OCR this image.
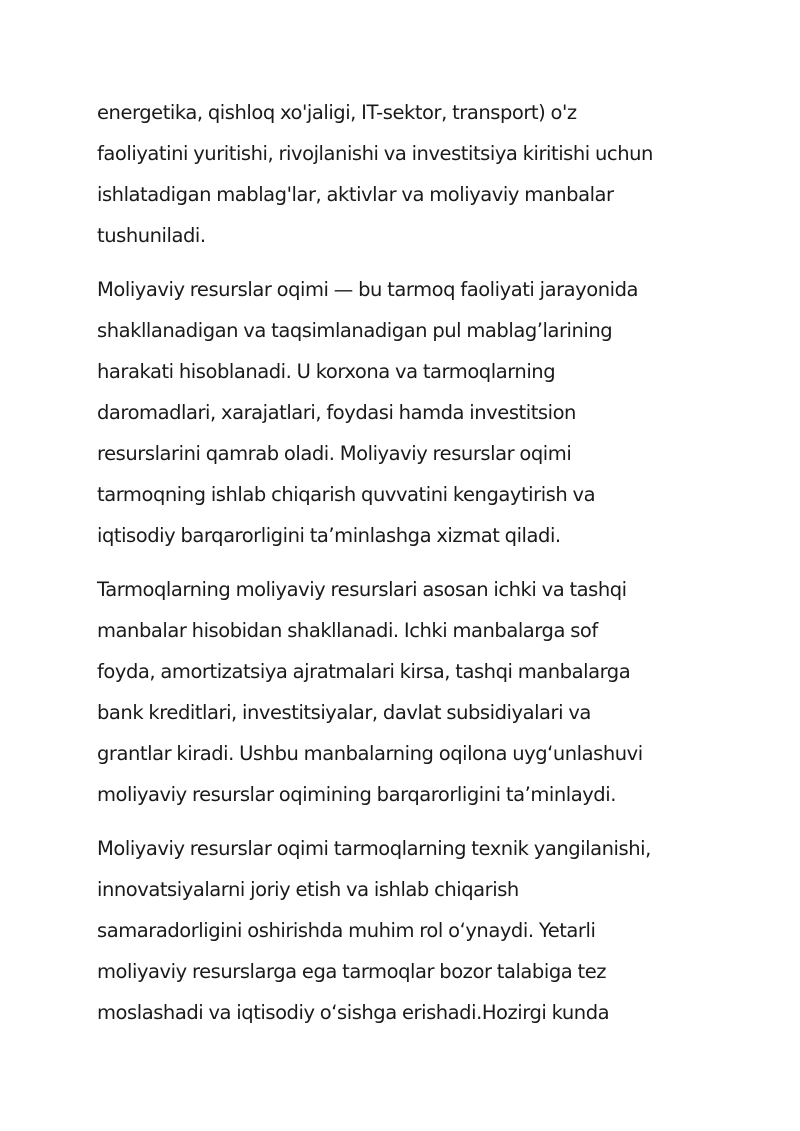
energetika, qishloq xo'jaligi, IT-sektor, transport) o'z
faoliyatini yuritishi, rivojlanishi va investitsiya kiritishi uchun
ishlatadigan mablag'lar, aktivlar va moliyaviy manbalar
tushuniladi.

Moliyaviy resurslar oqimi — bu tarmoq faoliyati jarayonida
shakllanadigan va taqsimlanadigan pul mablag’larining
harakati hisoblanadi. U korxona va tarmoqlarning
daromadlari, xarajatlari, foydasi hamda investitsion
resurslarini qamrab oladi. Moliyaviy resurslar oqimi
tarmoqning ishlab chiqarish quvvatini kengaytirish va
iqtisodiy barqarorligini ta’minlashga xizmat qiladi.

Tarmoqlarning moliyaviy resurslari asosan ichki va tashqi
manbalar hisobidan shakllanadi. Ichki manbalarga sof
foyda, amortizatsiya ajratmalari kirsa, tashqi manbalarga
bank kreditlari, investitsiyalar, davlat subsidiyalari va
grantlar kiradi. Ushbu manbalarning oqilona uyg‘unlashuvi
moliyaviy resurslar oqimining barqarorligini ta’minlaydi.

Moliyaviy resurslar oqimi tarmoqlarning texnik yangilanishi,
innovatsiyalarni joriy etish va ishlab chiqarish
samaradorligini oshirishda muhim rol o‘ynaydi. Yetarli
moliyaviy resurslarga ega tarmoqlar bozor talabiga tez
moslashadi va iqtisodiy o‘sishga erishadi.Hozirgi kunda
